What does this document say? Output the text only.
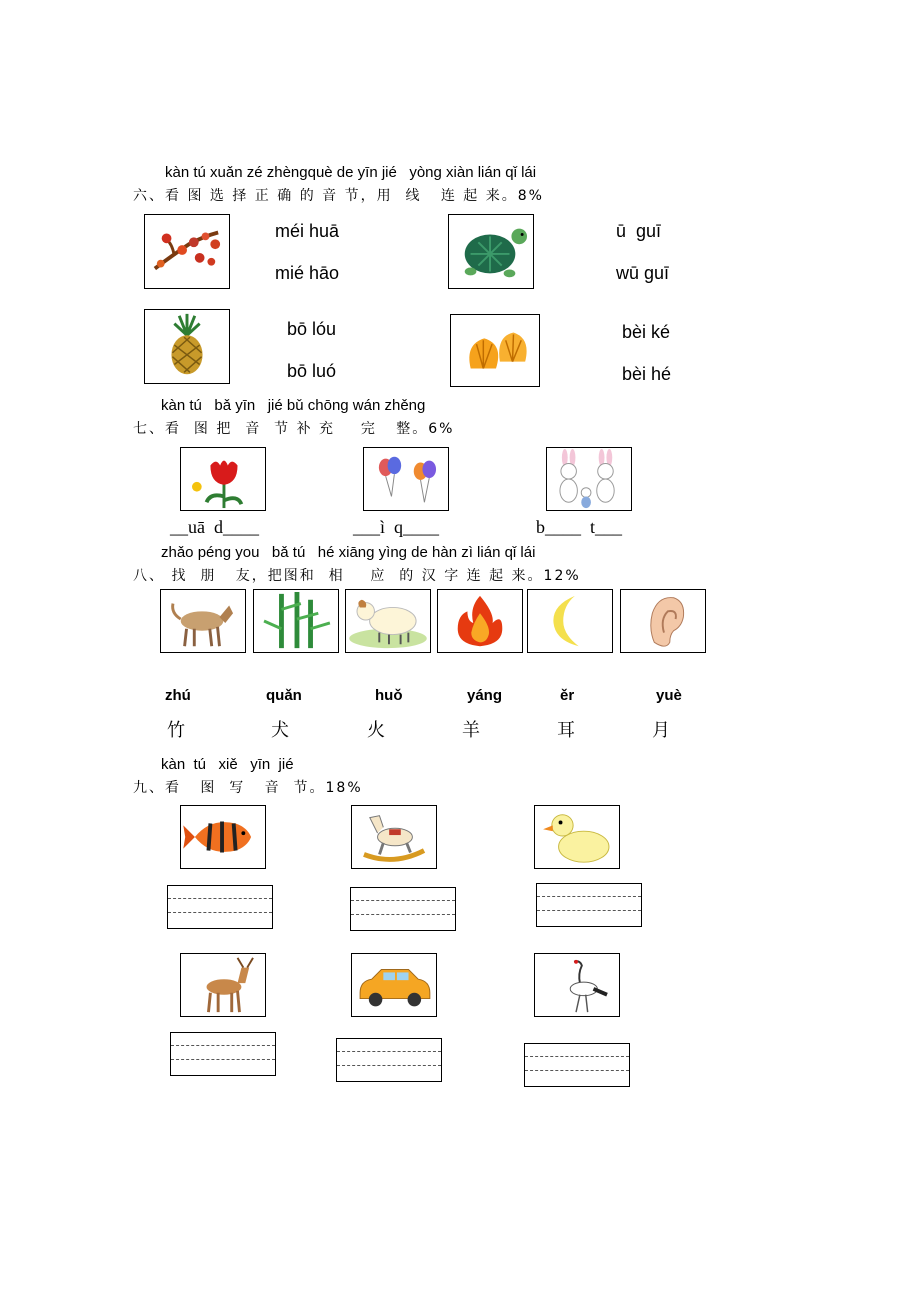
kàn tú xuǎn zé zhèngquè de yīn jié   yòng xiàn lián qǐ lái
六、看 图 选 择 正 确 的 音 节，用  线   连 起 来。8%
méi huā
mié hāo
ū  guī
wū guī
bō lóu
bō luó
bèi ké
bèi hé
kàn tú   bǎ yīn   jié bǔ chōng wán zhěng
七、看  图 把  音  节 补 充    完   整。6%
__uā  d____	___ì  q____	b____  t___
zhǎo péng you   bǎ tú   hé xiāng yìng de hàn zì lián qǐ lái
八、 找  朋   友，把图和  相    应  的 汉 字 连 起 来。12%
zhú	quǎn	huǒ	yáng	ěr	yuè
竹	犬	火	羊	耳	月
kàn  tú   xiě   yīn  jié
九、看   图  写   音  节。18%
